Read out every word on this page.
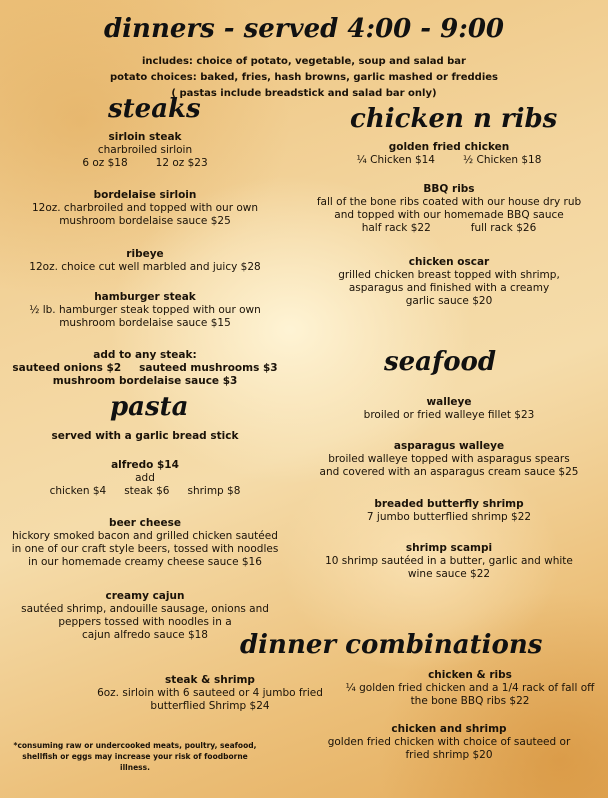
dinners - served 4:00 - 9:00
includes: choice of potato, vegetable, soup and salad bar
potato choices: baked, fries, hash browns, garlic mashed or freddies
( pastas include breadstick and salad bar only)
steaks
sirloin steak
charbroiled sirloin
6 oz $18	12 oz $23
bordelaise sirloin
12oz. charbroiled and topped with our own
mushroom bordelaise sauce $25
ribeye
12oz. choice cut well marbled and juicy $28
hamburger steak
½ lb. hamburger steak topped with our own
mushroom bordelaise sauce $15
add to any steak:
sauteed onions $2 sauteed mushrooms $3
mushroom bordelaise sauce $3
pasta
served with a garlic bread stick
alfredo $14
add
chicken $4 steak $6 shrimp $8
beer cheese
hickory smoked bacon and grilled chicken sautéed
in one of our craft style beers, tossed with noodles
in our homemade creamy cheese sauce $16
creamy cajun
sautéed shrimp, andouille sausage, onions and
peppers tossed with noodles in a
cajun alfredo sauce $18
chicken n ribs
golden fried chicken
¼ Chicken $14	½ Chicken $18
BBQ ribs
fall of the bone ribs coated with our house dry rub
and topped with our homemade BBQ sauce
half rack $22	full rack $26
chicken oscar
grilled chicken breast topped with shrimp,
asparagus and finished with a creamy
garlic sauce $20
seafood
walleye
broiled or fried walleye fillet $23
asparagus walleye
broiled walleye topped with asparagus spears
and covered with an asparagus cream sauce $25
breaded butterfly shrimp
7 jumbo butterflied shrimp $22
shrimp scampi
10 shrimp sautéed in a butter, garlic and white
wine sauce $22
dinner combinations
steak & shrimp
6oz. sirloin with 6 sauteed or 4 jumbo fried
butterflied Shrimp $24
chicken & ribs
¼ golden fried chicken and a 1/4 rack of fall off
the bone BBQ ribs $22
chicken and shrimp
golden fried chicken with choice of sauteed or
fried shrimp $20
*consuming raw or undercooked meats, poultry, seafood,
shellfish or eggs may increase your risk of foodborne
illness.
